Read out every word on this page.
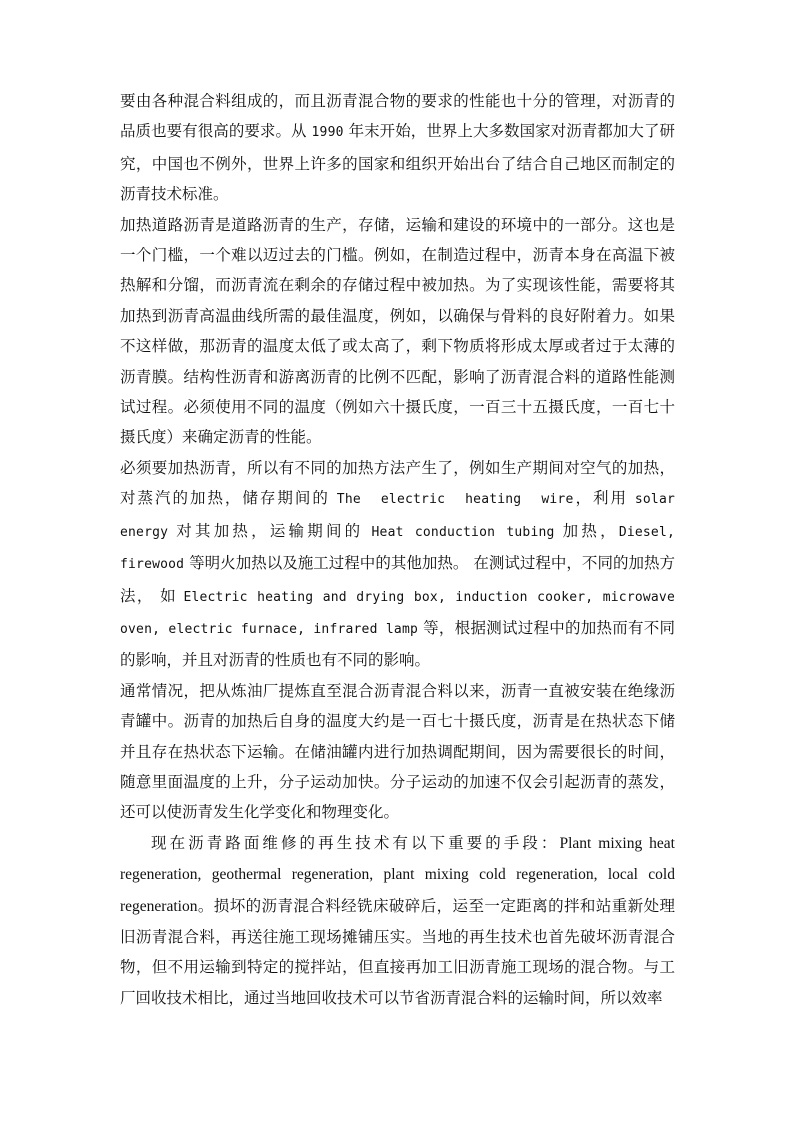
要由各种混合料组成的，而且沥青混合物的要求的性能也十分的管理，对沥青的品质也要有很高的要求。从 1990 年末开始，世界上大多数国家对沥青都加大了研究，中国也不例外，世界上许多的国家和组织开始出台了结合自己地区而制定的沥青技术标准。

加热道路沥青是道路沥青的生产，存储，运输和建设的环境中的一部分。这也是一个门槛，一个难以迈过去的门槛。例如，在制造过程中，沥青本身在高温下被热解和分馏，而沥青流在剩余的存储过程中被加热。为了实现该性能，需要将其加热到沥青高温曲线所需的最佳温度，例如，以确保与骨料的良好附着力。如果不这样做，那沥青的温度太低了或太高了，剩下物质将形成太厚或者过于太薄的沥青膜。结构性沥青和游离沥青的比例不匹配，影响了沥青混合料的道路性能测试过程。必须使用不同的温度（例如六十摄氏度，一百三十五摄氏度，一百七十摄氏度）来确定沥青的性能。

必须要加热沥青，所以有不同的加热方法产生了，例如生产期间对空气的加热，对蒸汽的加热，储存期间的 The  electric  heating  wire，利用 solar energy 对其加热，运输期间的 Heat conduction tubing 加热，Diesel, firewood 等明火加热以及施工过程中的其他加热。 在测试过程中，不同的加热方法， 如 Electric heating and drying box, induction cooker, microwave oven, electric furnace, infrared lamp 等，根据测试过程中的加热而有不同的影响，并且对沥青的性质也有不同的影响。

通常情况，把从炼油厂提炼直至混合沥青混合料以来，沥青一直被安装在绝缘沥青罐中。沥青的加热后自身的温度大约是一百七十摄氏度，沥青是在热状态下储并且存在热状态下运输。在储油罐内进行加热调配期间，因为需要很长的时间，随意里面温度的上升，分子运动加快。分子运动的加速不仅会引起沥青的蒸发，还可以使沥青发生化学变化和物理变化。

现在沥青路面维修的再生技术有以下重要的手段：Plant mixing heat regeneration, geothermal regeneration, plant mixing cold regeneration, local cold regeneration。损坏的沥青混合料经铣床破碎后，运至一定距离的拌和站重新处理旧沥青混合料，再送往施工现场摊铺压实。当地的再生技术也首先破坏沥青混合物，但不用运输到特定的搅拌站，但直接再加工旧沥青施工现场的混合物。与工厂回收技术相比，通过当地回收技术可以节省沥青混合料的运输时间，所以效率
